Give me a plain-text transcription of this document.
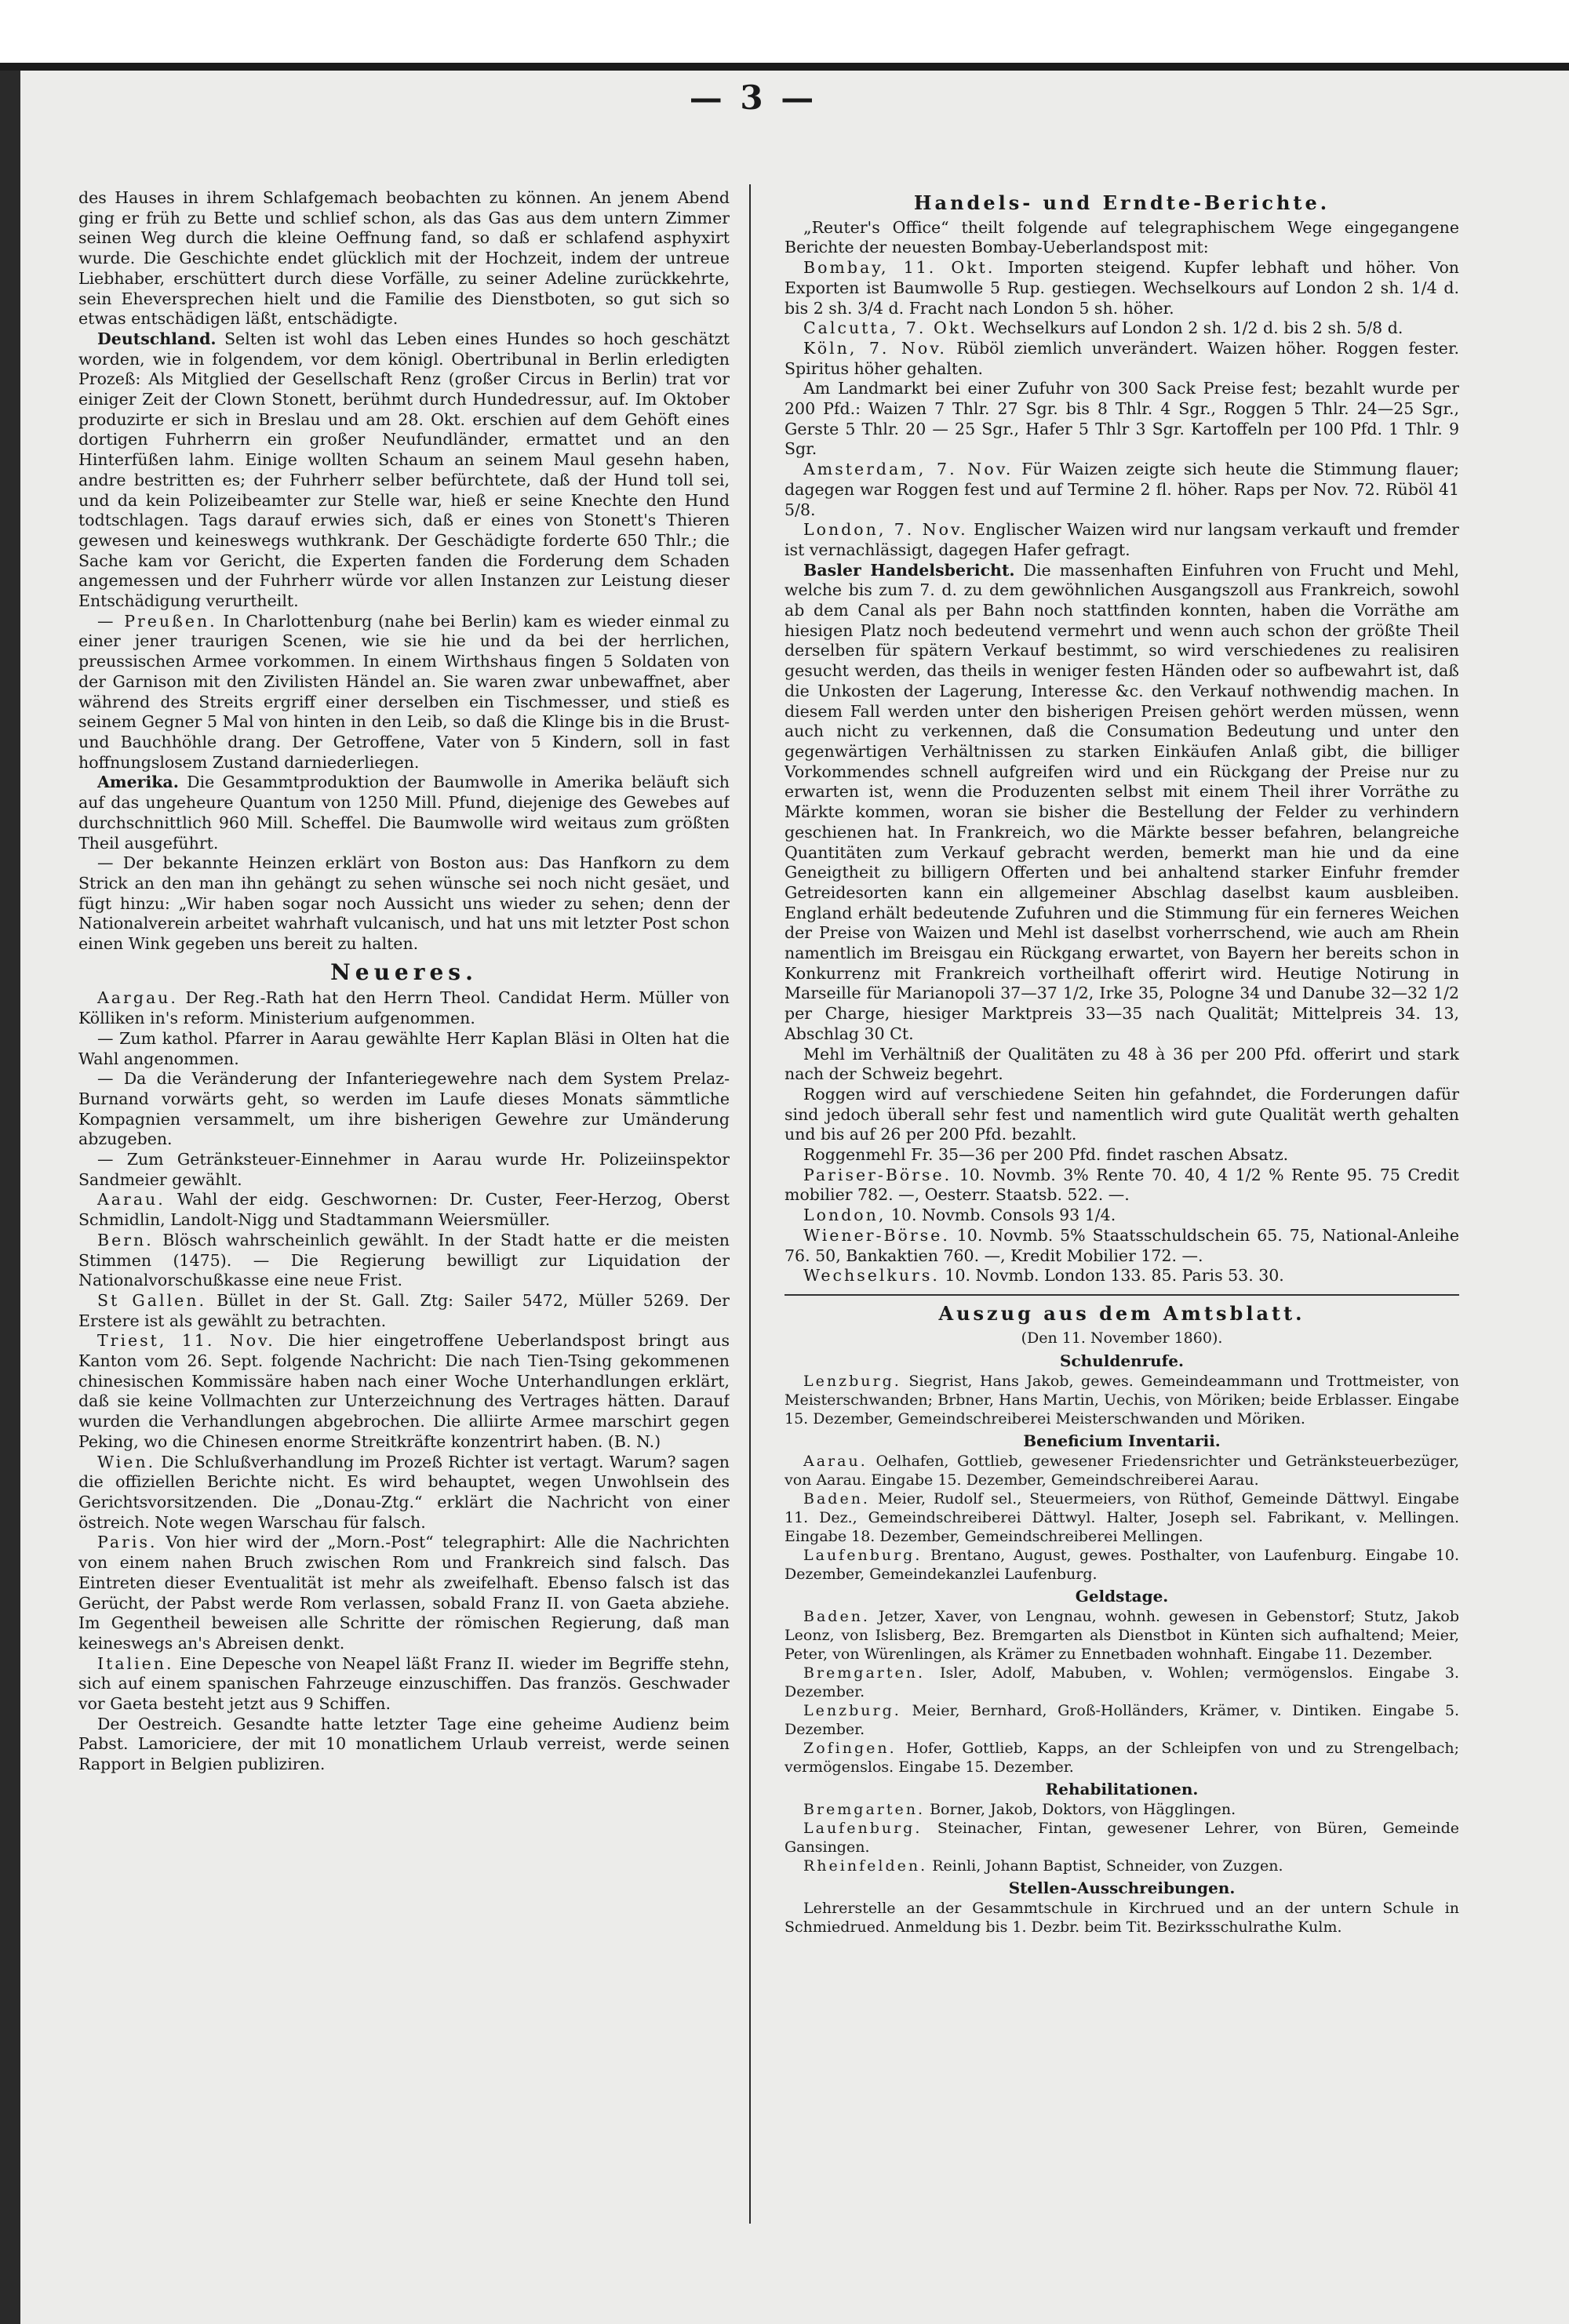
— 3 —

des Hauses in ihrem Schlafgemach beobachten zu können. An jenem Abend ging er früh zu Bette und schlief schon, als das Gas aus dem untern Zimmer seinen Weg durch die kleine Oeffnung fand, so daß er schlafend asphyxirt wurde. Die Geschichte endet glücklich mit der Hochzeit, indem der untreue Liebhaber, erschüttert durch diese Vorfälle, zu seiner Adeline zurückkehrte, sein Eheversprechen hielt und die Familie des Dienstboten, so gut sich so etwas entschädigen läßt, entschädigte.

Deutschland. Selten ist wohl das Leben eines Hundes so hoch geschätzt worden, wie in folgendem, vor dem königl. Obertribunal in Berlin erledigten Prozeß: Als Mitglied der Gesellschaft Renz (großer Circus in Berlin) trat vor einiger Zeit der Clown Stonett, berühmt durch Hundedressur, auf. Im Oktober produzirte er sich in Breslau und am 28. Okt. erschien auf dem Gehöft eines dortigen Fuhrherrn ein großer Neufundländer, ermattet und an den Hinterfüßen lahm. Einige wollten Schaum an seinem Maul gesehn haben, andre bestritten es; der Fuhrherr selber befürchtete, daß der Hund toll sei, und da kein Polizeibeamter zur Stelle war, hieß er seine Knechte den Hund todtschlagen. Tags darauf erwies sich, daß er eines von Stonett's Thieren gewesen und keineswegs wuthkrank. Der Geschädigte forderte 650 Thlr.; die Sache kam vor Gericht, die Experten fanden die Forderung dem Schaden angemessen und der Fuhrherr würde vor allen Instanzen zur Leistung dieser Entschädigung verurtheilt.

— Preußen. In Charlottenburg (nahe bei Berlin) kam es wieder einmal zu einer jener traurigen Scenen, wie sie hie und da bei der herrlichen, preussischen Armee vorkommen. In einem Wirthshaus fingen 5 Soldaten von der Garnison mit den Zivilisten Händel an. Sie waren zwar unbewaffnet, aber während des Streits ergriff einer derselben ein Tischmesser, und stieß es seinem Gegner 5 Mal von hinten in den Leib, so daß die Klinge bis in die Brust- und Bauchhöhle drang. Der Getroffene, Vater von 5 Kindern, soll in fast hoffnungslosem Zustand darniederliegen.

Amerika. Die Gesammtproduktion der Baumwolle in Amerika beläuft sich auf das ungeheure Quantum von 1250 Mill. Pfund, diejenige des Gewebes auf durchschnittlich 960 Mill. Scheffel. Die Baumwolle wird weitaus zum größten Theil ausgeführt.

— Der bekannte Heinzen erklärt von Boston aus: Das Hanfkorn zu dem Strick an den man ihn gehängt zu sehen wünsche sei noch nicht gesäet, und fügt hinzu: „Wir haben sogar noch Aussicht uns wieder zu sehen; denn der Nationalverein arbeitet wahrhaft vulcanisch, und hat uns mit letzter Post schon einen Wink gegeben uns bereit zu halten.

Neueres.

Aargau. Der Reg.-Rath hat den Herrn Theol. Candidat Herm. Müller von Kölliken in's reform. Ministerium aufgenommen.

— Zum kathol. Pfarrer in Aarau gewählte Herr Kaplan Bläsi in Olten hat die Wahl angenommen.

— Da die Veränderung der Infanteriegewehre nach dem System Prelaz-Burnand vorwärts geht, so werden im Laufe dieses Monats sämmtliche Kompagnien versammelt, um ihre bisherigen Gewehre zur Umänderung abzugeben.

— Zum Getränksteuer-Einnehmer in Aarau wurde Hr. Polizeiinspektor Sandmeier gewählt.

Aarau. Wahl der eidg. Geschwornen: Dr. Custer, Feer-Herzog, Oberst Schmidlin, Landolt-Nigg und Stadtammann Weiersmüller.

Bern. Blösch wahrscheinlich gewählt. In der Stadt hatte er die meisten Stimmen (1475). — Die Regierung bewilligt zur Liquidation der Nationalvorschußkasse eine neue Frist.

St Gallen. Büllet in der St. Gall. Ztg: Sailer 5472, Müller 5269. Der Erstere ist als gewählt zu betrachten.

Triest, 11. Nov. Die hier eingetroffene Ueberlandspost bringt aus Kanton vom 26. Sept. folgende Nachricht: Die nach Tien-Tsing gekommenen chinesischen Kommissäre haben nach einer Woche Unterhandlungen erklärt, daß sie keine Vollmachten zur Unterzeichnung des Vertrages hätten. Darauf wurden die Verhandlungen abgebrochen. Die alliirte Armee marschirt gegen Peking, wo die Chinesen enorme Streitkräfte konzentrirt haben. (B. N.)

Wien. Die Schlußverhandlung im Prozeß Richter ist vertagt. Warum? sagen die offiziellen Berichte nicht. Es wird behauptet, wegen Unwohlsein des Gerichtsvorsitzenden. Die „Donau-Ztg.“ erklärt die Nachricht von einer östreich. Note wegen Warschau für falsch.

Paris. Von hier wird der „Morn.-Post“ telegraphirt: Alle die Nachrichten von einem nahen Bruch zwischen Rom und Frankreich sind falsch. Das Eintreten dieser Eventualität ist mehr als zweifelhaft. Ebenso falsch ist das Gerücht, der Pabst werde Rom verlassen, sobald Franz II. von Gaeta abziehe. Im Gegentheil beweisen alle Schritte der römischen Regierung, daß man keineswegs an's Abreisen denkt.

Italien. Eine Depesche von Neapel läßt Franz II. wieder im Begriffe stehn, sich auf einem spanischen Fahrzeuge einzuschiffen. Das französ. Geschwader vor Gaeta besteht jetzt aus 9 Schiffen.

Der Oestreich. Gesandte hatte letzter Tage eine geheime Audienz beim Pabst. Lamoriciere, der mit 10 monatlichem Urlaub verreist, werde seinen Rapport in Belgien publiziren.

Handels- und Erndte-Berichte.

„Reuter's Office“ theilt folgende auf telegraphischem Wege eingegangene Berichte der neuesten Bombay-Ueberlandspost mit:

Bombay, 11. Okt. Importen steigend. Kupfer lebhaft und höher. Von Exporten ist Baumwolle 5 Rup. gestiegen. Wechselkours auf London 2 sh. 1/4 d. bis 2 sh. 3/4 d. Fracht nach London 5 sh. höher.

Calcutta, 7. Okt. Wechselkurs auf London 2 sh. 1/2 d. bis 2 sh. 5/8 d.

Köln, 7. Nov. Rüböl ziemlich unverändert. Waizen höher. Roggen fester. Spiritus höher gehalten.

Am Landmarkt bei einer Zufuhr von 300 Sack Preise fest; bezahlt wurde per 200 Pfd.: Waizen 7 Thlr. 27 Sgr. bis 8 Thlr. 4 Sgr., Roggen 5 Thlr. 24—25 Sgr., Gerste 5 Thlr. 20 — 25 Sgr., Hafer 5 Thlr 3 Sgr. Kartoffeln per 100 Pfd. 1 Thlr. 9 Sgr.

Amsterdam, 7. Nov. Für Waizen zeigte sich heute die Stimmung flauer; dagegen war Roggen fest und auf Termine 2 fl. höher. Raps per Nov. 72. Rüböl 41 5/8.

London, 7. Nov. Englischer Waizen wird nur langsam verkauft und fremder ist vernachlässigt, dagegen Hafer gefragt.

Basler Handelsbericht. Die massenhaften Einfuhren von Frucht und Mehl, welche bis zum 7. d. zu dem gewöhnlichen Ausgangszoll aus Frankreich, sowohl ab dem Canal als per Bahn noch stattfinden konnten, haben die Vorräthe am hiesigen Platz noch bedeutend vermehrt und wenn auch schon der größte Theil derselben für spätern Verkauf bestimmt, so wird verschiedenes zu realisiren gesucht werden, das theils in weniger festen Händen oder so aufbewahrt ist, daß die Unkosten der Lagerung, Interesse &c. den Verkauf nothwendig machen. In diesem Fall werden unter den bisherigen Preisen gehört werden müssen, wenn auch nicht zu verkennen, daß die Consumation Bedeutung und unter den gegenwärtigen Verhältnissen zu starken Einkäufen Anlaß gibt, die billiger Vorkommendes schnell aufgreifen wird und ein Rückgang der Preise nur zu erwarten ist, wenn die Produzenten selbst mit einem Theil ihrer Vorräthe zu Märkte kommen, woran sie bisher die Bestellung der Felder zu verhindern geschienen hat. In Frankreich, wo die Märkte besser befahren, belangreiche Quantitäten zum Verkauf gebracht werden, bemerkt man hie und da eine Geneigtheit zu billigern Offerten und bei anhaltend starker Einfuhr fremder Getreidesorten kann ein allgemeiner Abschlag daselbst kaum ausbleiben. England erhält bedeutende Zufuhren und die Stimmung für ein ferneres Weichen der Preise von Waizen und Mehl ist daselbst vorherrschend, wie auch am Rhein namentlich im Breisgau ein Rückgang erwartet, von Bayern her bereits schon in Konkurrenz mit Frankreich vortheilhaft offerirt wird. Heutige Notirung in Marseille für Marianopoli 37—37 1/2, Irke 35, Pologne 34 und Danube 32—32 1/2 per Charge, hiesiger Marktpreis 33—35 nach Qualität; Mittelpreis 34. 13, Abschlag 30 Ct.

Mehl im Verhältniß der Qualitäten zu 48 à 36 per 200 Pfd. offerirt und stark nach der Schweiz begehrt.

Roggen wird auf verschiedene Seiten hin gefahndet, die Forderungen dafür sind jedoch überall sehr fest und namentlich wird gute Qualität werth gehalten und bis auf 26 per 200 Pfd. bezahlt.

Roggenmehl Fr. 35—36 per 200 Pfd. findet raschen Absatz.

Pariser-Börse. 10. Novmb. 3% Rente 70. 40, 4 1/2 % Rente 95. 75 Credit mobilier 782. —, Oesterr. Staatsb. 522. —.

London, 10. Novmb. Consols 93 1/4.

Wiener-Börse. 10. Novmb. 5% Staatsschuldschein 65. 75, National-Anleihe 76. 50, Bankaktien 760. —, Kredit Mobilier 172. —.

Wechselkurs. 10. Novmb. London 133. 85. Paris 53. 30.

Auszug aus dem Amtsblatt.
(Den 11. November 1860).
Schuldenrufe.

Lenzburg. Siegrist, Hans Jakob, gewes. Gemeindeammann und Trottmeister, von Meisterschwanden; Brbner, Hans Martin, Uechis, von Möriken; beide Erblasser. Eingabe 15. Dezember, Gemeindschreiberei Meisterschwanden und Möriken.

Beneficium Inventarii.

Aarau. Oelhafen, Gottlieb, gewesener Friedensrichter und Getränksteuerbezüger, von Aarau. Eingabe 15. Dezember, Gemeindschreiberei Aarau.

Baden. Meier, Rudolf sel., Steuermeiers, von Rüthof, Gemeinde Dättwyl. Eingabe 11. Dez., Gemeindschreiberei Dättwyl. Halter, Joseph sel. Fabrikant, v. Mellingen. Eingabe 18. Dezember, Gemeindschreiberei Mellingen.

Laufenburg. Brentano, August, gewes. Posthalter, von Laufenburg. Eingabe 10. Dezember, Gemeindekanzlei Laufenburg.

Geldstage.

Baden. Jetzer, Xaver, von Lengnau, wohnh. gewesen in Gebenstorf; Stutz, Jakob Leonz, von Islisberg, Bez. Bremgarten als Dienstbot in Künten sich aufhaltend; Meier, Peter, von Würenlingen, als Krämer zu Ennetbaden wohnhaft. Eingabe 11. Dezember.

Bremgarten. Isler, Adolf, Mabuben, v. Wohlen; vermögenslos. Eingabe 3. Dezember.

Lenzburg. Meier, Bernhard, Groß-Holländers, Krämer, v. Dintiken. Eingabe 5. Dezember.

Zofingen. Hofer, Gottlieb, Kapps, an der Schleipfen von und zu Strengelbach; vermögenslos. Eingabe 15. Dezember.

Rehabilitationen.

Bremgarten. Borner, Jakob, Doktors, von Hägglingen.

Laufenburg. Steinacher, Fintan, gewesener Lehrer, von Büren, Gemeinde Gansingen.

Rheinfelden. Reinli, Johann Baptist, Schneider, von Zuzgen.

Stellen-Ausschreibungen.

Lehrerstelle an der Gesammtschule in Kirchrued und an der untern Schule in Schmiedrued. Anmeldung bis 1. Dezbr. beim Tit. Bezirksschulrathe Kulm.
